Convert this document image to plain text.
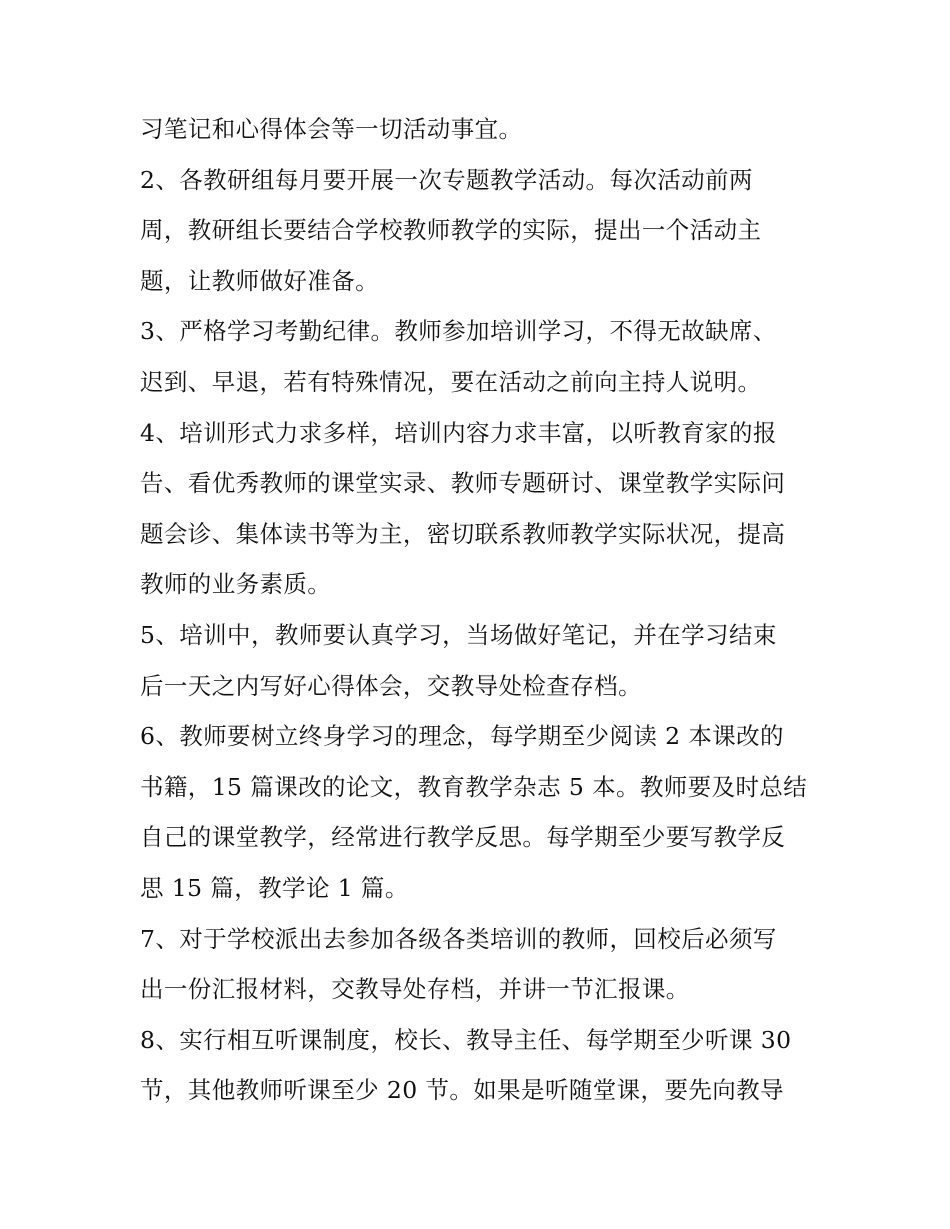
习笔记和心得体会等一切活动事宜。
2、各教研组每月要开展一次专题教学活动。每次活动前两
周，教研组长要结合学校教师教学的实际，提出一个活动主
题，让教师做好准备。
3、严格学习考勤纪律。教师参加培训学习，不得无故缺席、
迟到、早退，若有特殊情况，要在活动之前向主持人说明。
4、培训形式力求多样，培训内容力求丰富，以听教育家的报
告、看优秀教师的课堂实录、教师专题研讨、课堂教学实际问
题会诊、集体读书等为主，密切联系教师教学实际状况，提高
教师的业务素质。
5、培训中，教师要认真学习，当场做好笔记，并在学习结束
后一天之内写好心得体会，交教导处检查存档。
6、教师要树立终身学习的理念，每学期至少阅读 2 本课改的
书籍，15 篇课改的论文，教育教学杂志 5 本。教师要及时总结
自己的课堂教学，经常进行教学反思。每学期至少要写教学反
思 15 篇，教学论 1 篇。
7、对于学校派出去参加各级各类培训的教师，回校后必须写
出一份汇报材料，交教导处存档，并讲一节汇报课。
8、实行相互听课制度，校长、教导主任、每学期至少听课 30
节，其他教师听课至少 20 节。如果是听随堂课，要先向教导
